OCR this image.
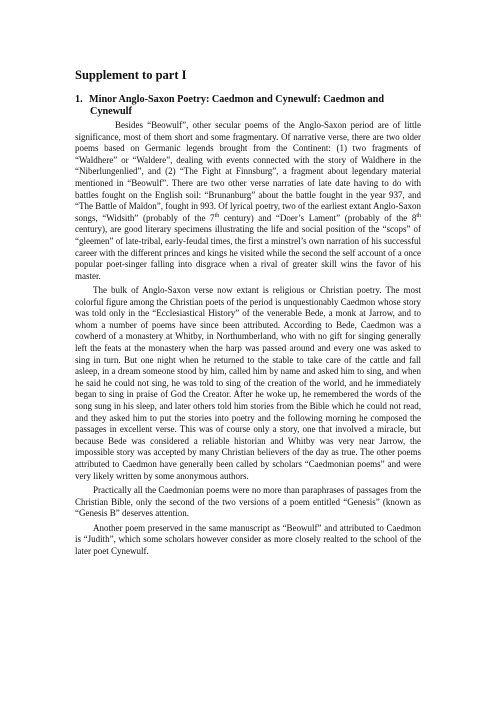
Supplement to part I
1. Minor Anglo-Saxon Poetry: Caedmon and Cynewulf: Caedmon and
Cynewulf

Besides “Beowulf”, other secular poems of the Anglo-Saxon period are of little significance, most of them short and some fragmentary. Of narrative verse, there are two older poems based on Germanic legends brought from the Continent: (1) two fragments of “Waldhere” or “Waldere”, dealing with events connected with the story of Waldhere in the “Niberlungenlied”, and (2) “The Fight at Finnsburg”, a fragment about legendary material mentioned in “Beowulf”. There are two other verse narraties of late date having to do with battles fought on the English soil: “Brunanburg” about the battle fought in the year 937, and “The Battle of Maldon”, fought in 993. Of lyrical poetry, two of the earliest extant Anglo-Saxon songs, “Widsith” (probably of the 7th century) and “Doer’s Lament” (probably of the 8th century), are good literary specimens illustrating the life and social position of the “scops” of “gleemen” of late-tribal, early-feudal times, the first a minstrel’s own narration of his successful career with the different princes and kings he visited while the second the self account of a once popular poet-singer falling into disgrace when a rival of greater skill wins the favor of his master.

The bulk of Anglo-Saxon verse now extant is religious or Christian poetry. The most colorful figure among the Christian poets of the period is unquestionably Caedmon whose story was told only in the “Ecclesiastical History” of the venerable Bede, a monk at Jarrow, and to whom a number of poems have since been attributed. According to Bede, Caedmon was a cowherd of a monastery at Whitby, in Northumberland, who with no gift for singing generally left the feats at the monastery when the harp was passed around and every one was asked to sing in turn. But one night when he returned to the stable to take care of the cattle and fall asleep, in a dream someone stood by him, called him by name and asked him to sing, and when he said he could not sing, he was told to sing of the creation of the world, and he immediately began to sing in praise of God the Creator. After he woke up, he remembered the words of the song sung in his sleep, and later others told him stories from the Bible which he could not read, and they asked him to put the stories into poetry and the following morning he composed the passages in excellent verse. This was of course only a story, one that involved a miracle, but because Bede was considered a reliable historian and Whitby was very near Jarrow, the impossible story was accepted by many Christian believers of the day as true. The other poems attributed to Caedmon have generally been called by scholars “Caedmonian poems” and were very likely written by some anonymous authors.

Practically all the Caedmonian poems were no more than paraphrases of passages from the Christian Bible, only the second of the two versions of a poem entitled “Genesis” (known as “Genesis B” deserves attention.

Another poem preserved in the same manuscript as “Beowulf” and attributed to Caedmon is “Judith”, which some scholars however consider as more closely realted to the school of the later poet Cynewulf.
